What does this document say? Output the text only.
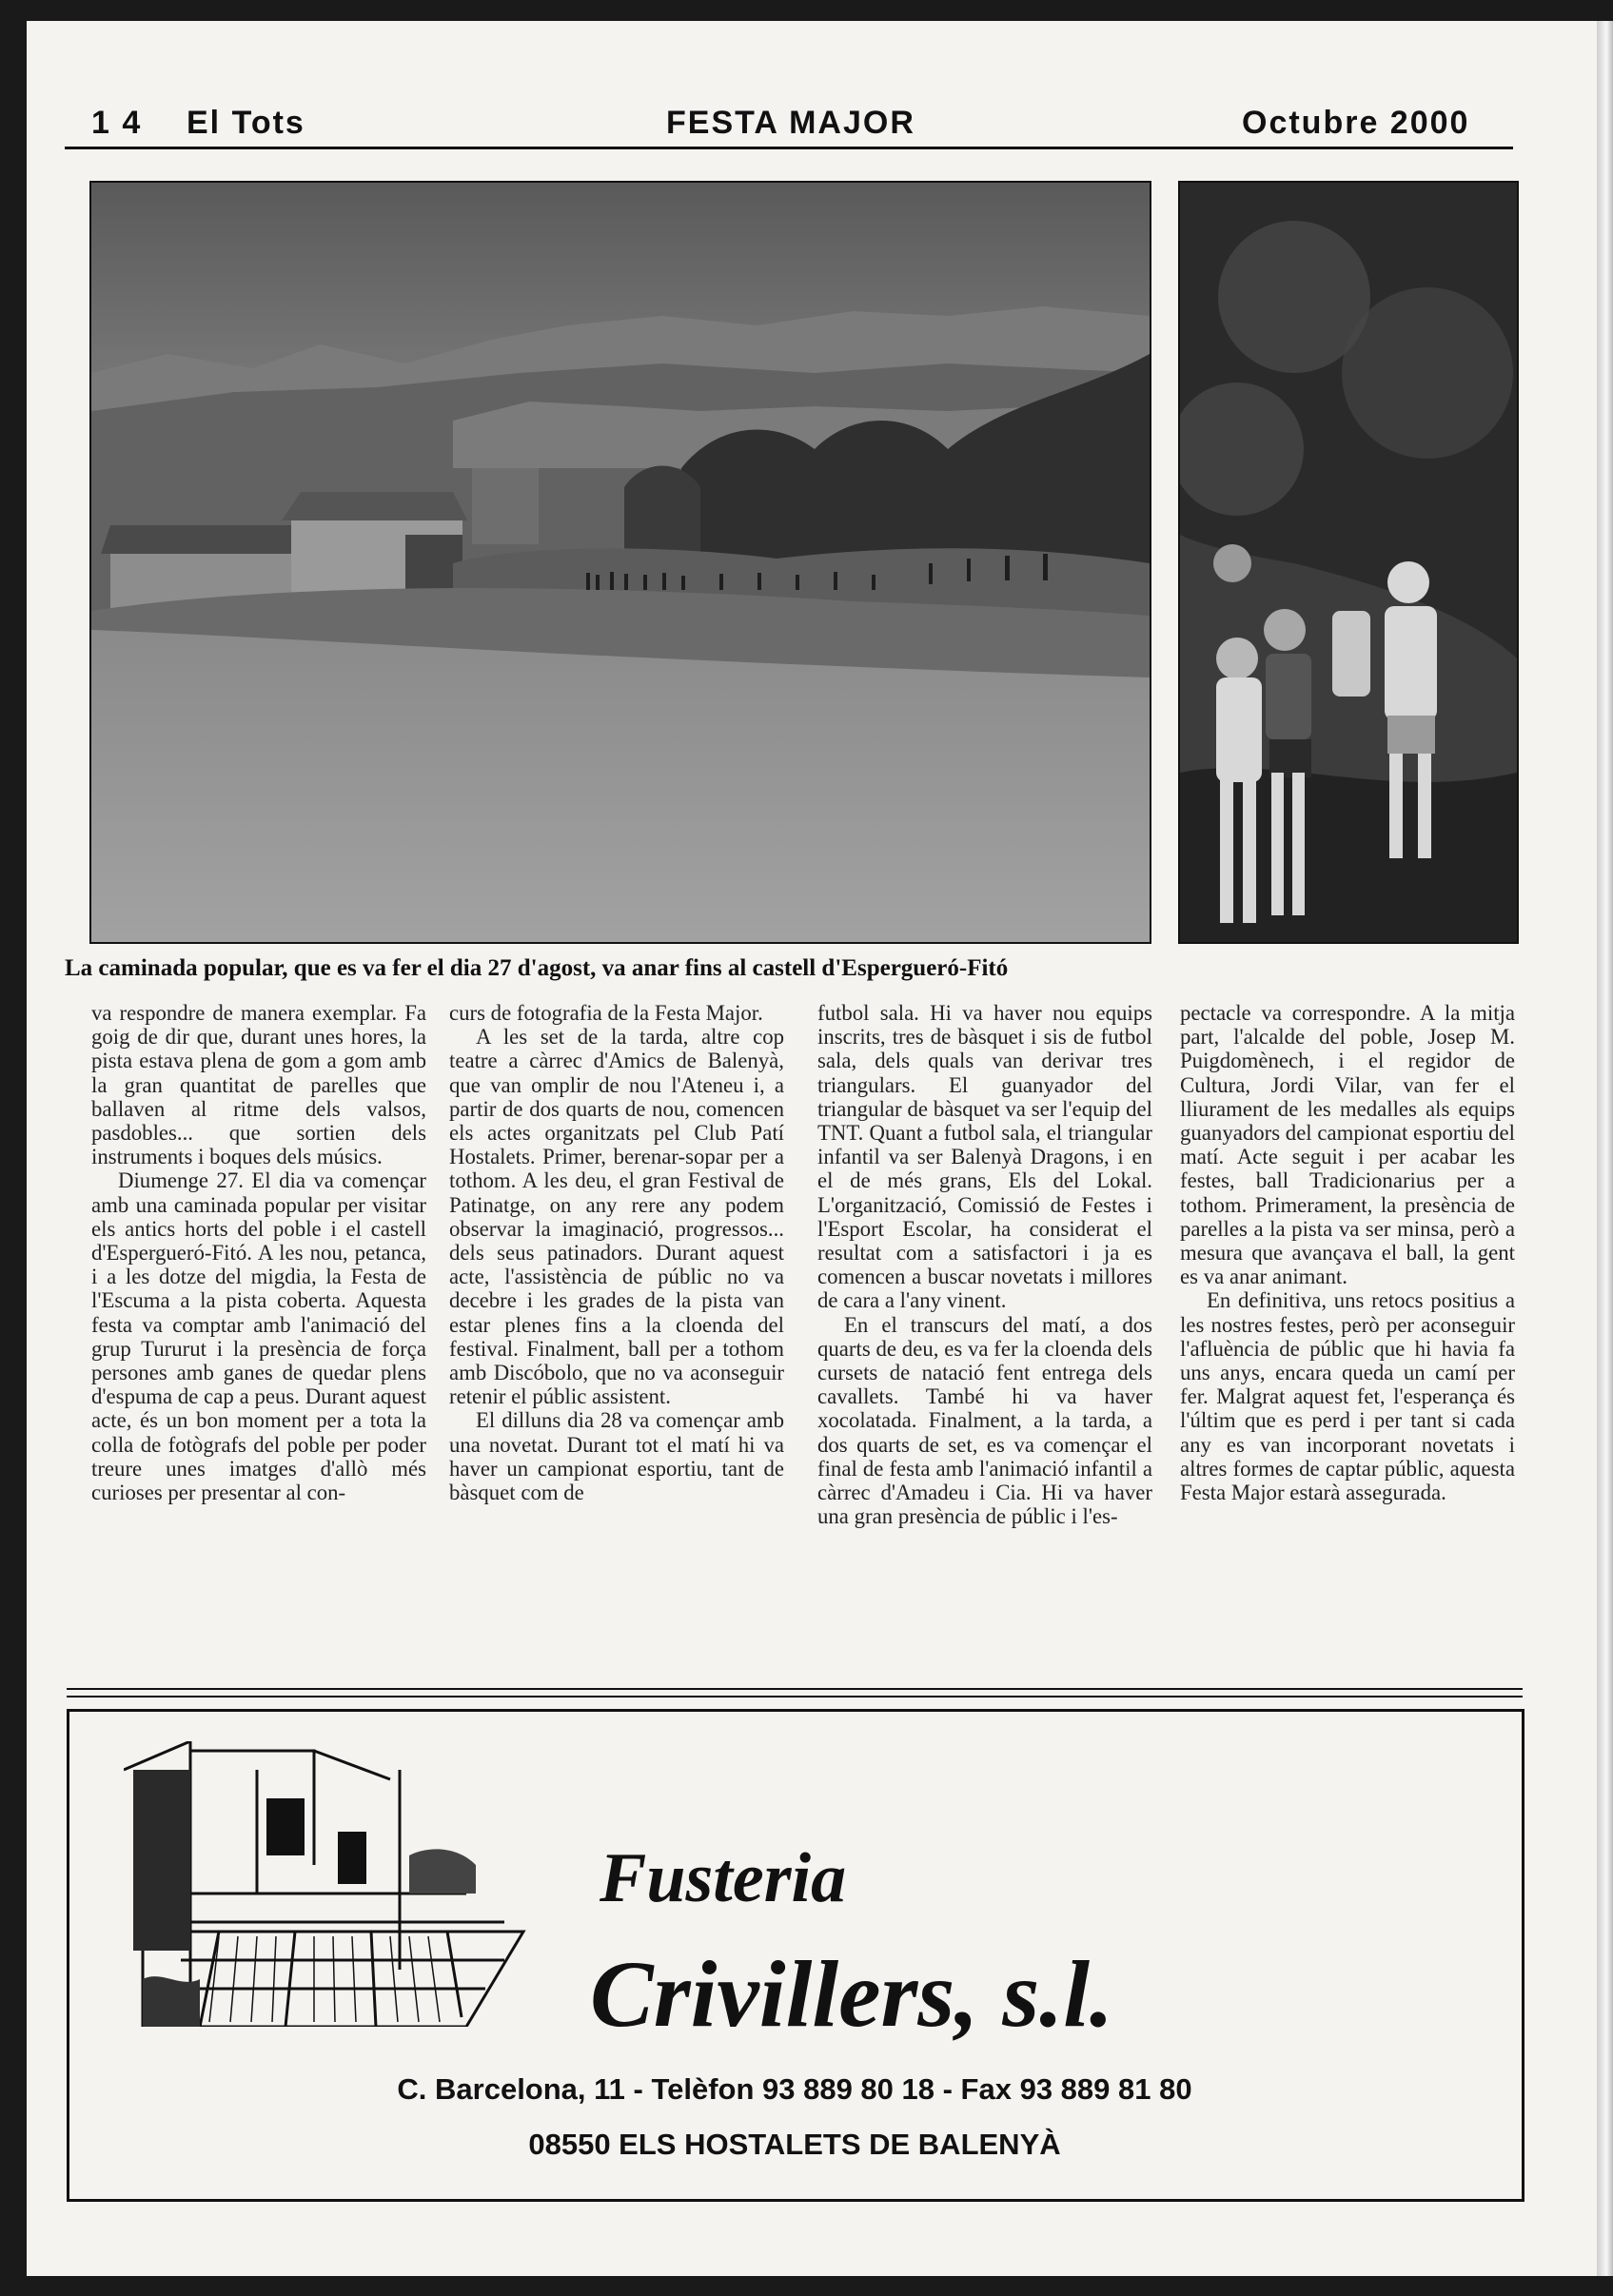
1 4 El Tots	FESTA MAJOR	Octubre 2000
La caminada popular, que es va fer el dia 27 d'agost, va anar fins al castell d'Espergueró-Fitó

va respondre de manera exemplar. Fa goig de dir que, durant unes hores, la pista estava plena de gom a gom amb la gran quantitat de parelles que ballaven al ritme dels valsos, pasdobles... que sortien dels instruments i boques dels músics.

Diumenge 27. El dia va començar amb una caminada popular per visitar els antics horts del poble i el castell d'Espergueró-Fitó. A les nou, petanca, i a les dotze del migdia, la Festa de l'Escuma a la pista coberta. Aquesta festa va comptar amb l'animació del grup Tururut i la presència de força persones amb ganes de quedar plens d'espuma de cap a peus. Durant aquest acte, és un bon moment per a tota la colla de fotògrafs del poble per poder treure unes imatges d'allò més curioses per presentar al con-

curs de fotografia de la Festa Major.

A les set de la tarda, altre cop teatre a càrrec d'Amics de Balenyà, que van omplir de nou l'Ateneu i, a partir de dos quarts de nou, comencen els actes organitzats pel Club Patí Hostalets. Primer, berenar-sopar per a tothom. A les deu, el gran Festival de Patinatge, on any rere any podem observar la imaginació, progressos... dels seus patinadors. Durant aquest acte, l'assistència de públic no va decebre i les grades de la pista van estar plenes fins a la cloenda del festival. Finalment, ball per a tothom amb Discóbolo, que no va aconseguir retenir el públic assistent.

El dilluns dia 28 va començar amb una novetat. Durant tot el matí hi va haver un campionat esportiu, tant de bàsquet com de

futbol sala. Hi va haver nou equips inscrits, tres de bàsquet i sis de futbol sala, dels quals van derivar tres triangulars. El guanyador del triangular de bàsquet va ser l'equip del TNT. Quant a futbol sala, el triangular infantil va ser Balenyà Dragons, i en el de més grans, Els del Lokal. L'organització, Comissió de Festes i l'Esport Escolar, ha considerat el resultat com a satisfactori i ja es comencen a buscar novetats i millores de cara a l'any vinent.

En el transcurs del matí, a dos quarts de deu, es va fer la cloenda dels cursets de natació fent entrega dels cavallets. També hi va haver xocolatada. Finalment, a la tarda, a dos quarts de set, es va començar el final de festa amb l'animació infantil a càrrec d'Amadeu i Cia. Hi va haver una gran presència de públic i l'es-

pectacle va correspondre. A la mitja part, l'alcalde del poble, Josep M. Puigdomènech, i el regidor de Cultura, Jordi Vilar, van fer el lliurament de les medalles als equips guanyadors del campionat esportiu del matí. Acte seguit i per acabar les festes, ball Tradicionarius per a tothom. Primerament, la presència de parelles a la pista va ser minsa, però a mesura que avançava el ball, la gent es va anar animant.

En definitiva, uns retocs positius a les nostres festes, però per aconseguir l'afluència de públic que hi havia fa uns anys, encara queda un camí per fer. Malgrat aquest fet, l'esperança és l'últim que es perd i per tant si cada any es van incorporant novetats i altres formes de captar públic, aquesta Festa Major estarà assegurada.

Fusteria
Crivillers, s.l.
C. Barcelona, 11 - Telèfon 93 889 80 18 - Fax 93 889 81 80
08550 ELS HOSTALETS DE BALENYÀ
